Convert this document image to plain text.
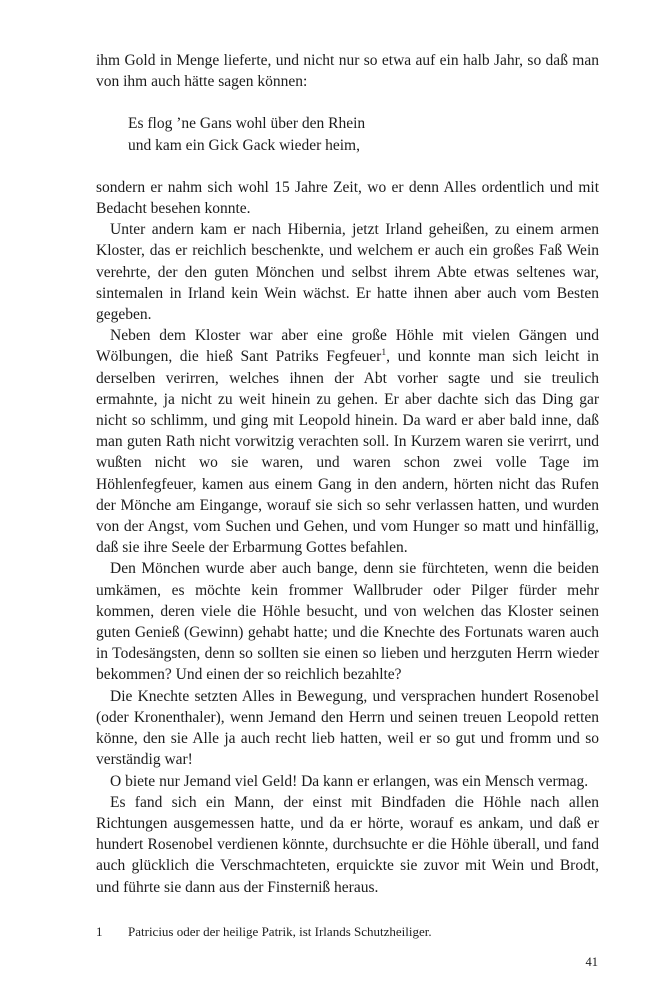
ihm Gold in Menge lieferte, und nicht nur so etwa auf ein halb Jahr, so daß man von ihm auch hätte sagen können:

Es flog ’ne Gans wohl über den Rhein
und kam ein Gick Gack wieder heim,

sondern er nahm sich wohl 15 Jahre Zeit, wo er denn Alles ordentlich und mit Bedacht besehen konnte.

Unter andern kam er nach Hibernia, jetzt Irland geheißen, zu einem armen Kloster, das er reichlich beschenkte, und welchem er auch ein großes Faß Wein verehrte, der den guten Mönchen und selbst ihrem Abte etwas seltenes war, sintemalen in Irland kein Wein wächst. Er hatte ihnen aber auch vom Besten gegeben.

Neben dem Kloster war aber eine große Höhle mit vielen Gängen und Wölbungen, die hieß Sant Patriks Fegfeuer$^1$, und konnte man sich leicht in derselben verirren, welches ihnen der Abt vorher sagte und sie treulich ermahnte, ja nicht zu weit hinein zu gehen. Er aber dachte sich das Ding gar nicht so schlimm, und ging mit Leopold hinein. Da ward er aber bald inne, daß man guten Rath nicht vorwitzig verachten soll. In Kurzem waren sie verirrt, und wußten nicht wo sie waren, und waren schon zwei volle Tage im Höhlenfegfeuer, kamen aus einem Gang in den andern, hörten nicht das Rufen der Mönche am Eingange, worauf sie sich so sehr verlassen hatten, und wurden von der Angst, vom Suchen und Gehen, und vom Hunger so matt und hinfällig, daß sie ihre Seele der Erbarmung Gottes befahlen.

Den Mönchen wurde aber auch bange, denn sie fürchteten, wenn die beiden umkämen, es möchte kein frommer Wallbruder oder Pilger fürder mehr kommen, deren viele die Höhle besucht, und von welchen das Kloster seinen guten Genieß (Gewinn) gehabt hatte; und die Knechte des Fortunats waren auch in Todesängsten, denn so sollten sie einen so lieben und herzguten Herrn wieder bekommen? Und einen der so reichlich bezahlte?

Die Knechte setzten Alles in Bewegung, und versprachen hundert Rosenobel (oder Kronenthaler), wenn Jemand den Herrn und seinen treuen Leopold retten könne, den sie Alle ja auch recht lieb hatten, weil er so gut und fromm und so verständig war!

O biete nur Jemand viel Geld! Da kann er erlangen, was ein Mensch vermag.

Es fand sich ein Mann, der einst mit Bindfaden die Höhle nach allen Richtungen ausgemessen hatte, und da er hörte, worauf es ankam, und daß er hundert Rosenobel verdienen könnte, durchsuchte er die Höhle überall, und fand auch glücklich die Verschmachteten, erquickte sie zuvor mit Wein und Brodt, und führte sie dann aus der Finsterniß heraus.

1 Patricius oder der heilige Patrik, ist Irlands Schutzheiliger.
41
